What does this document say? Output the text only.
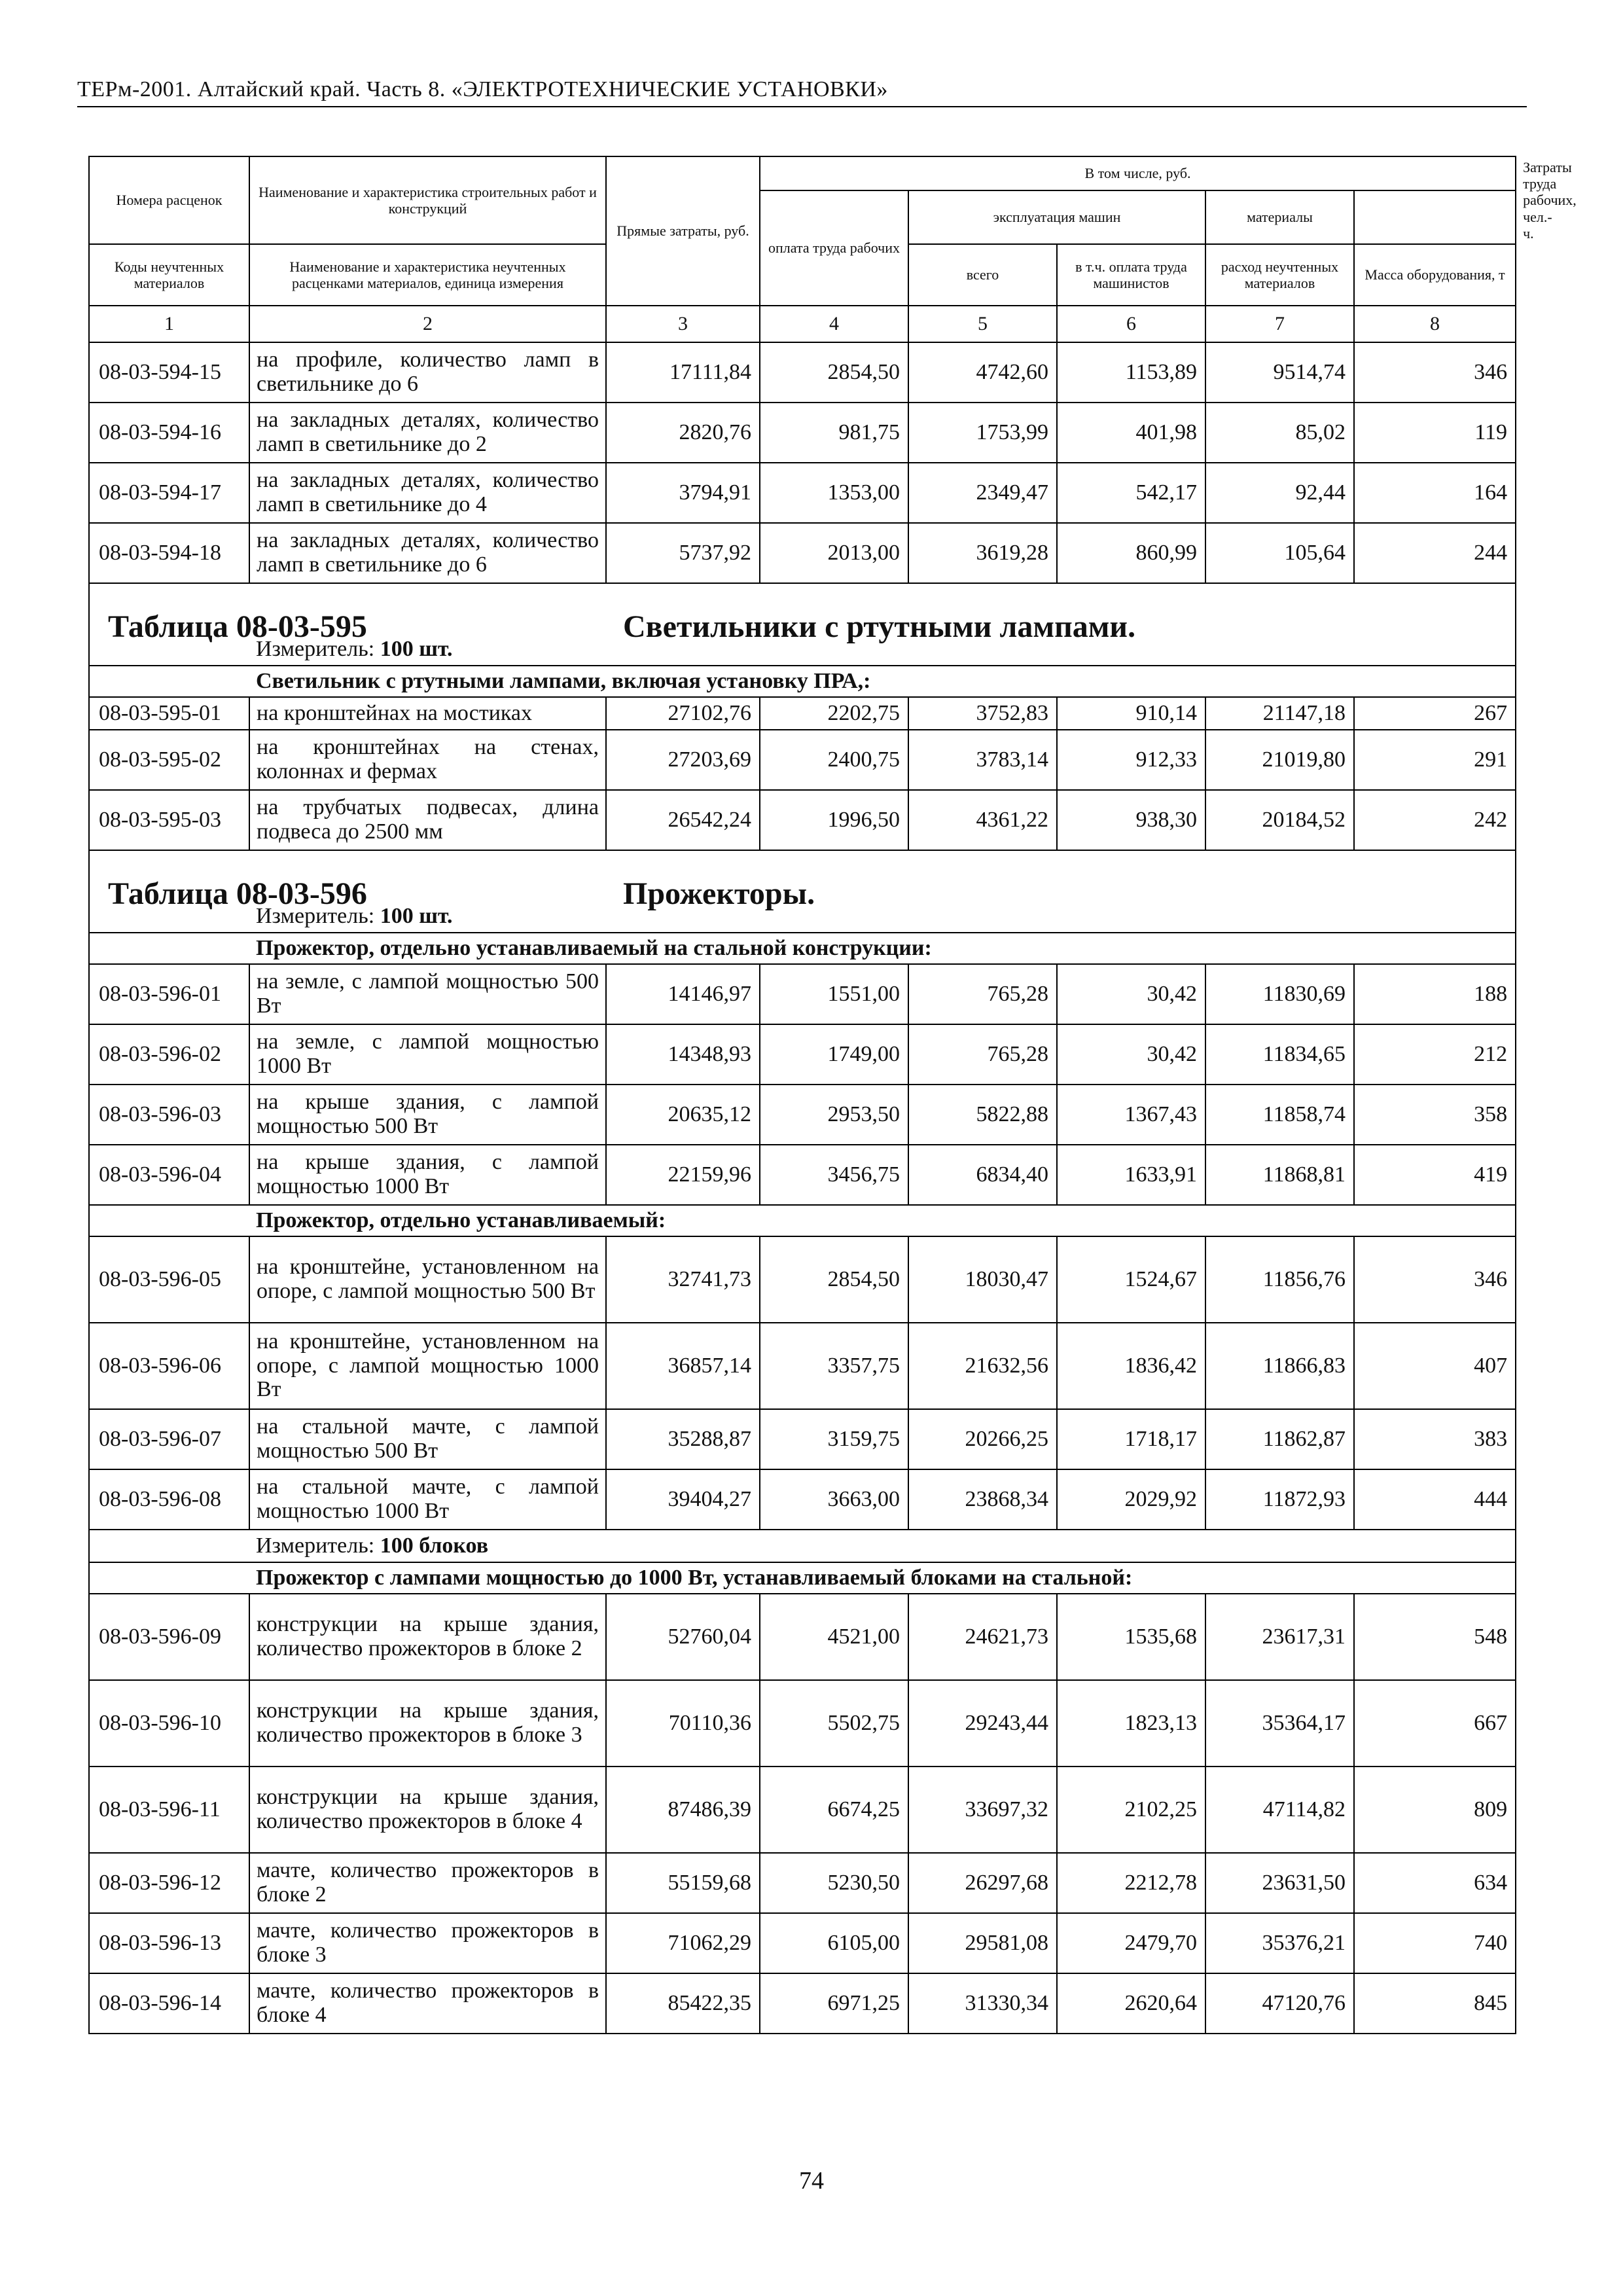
ТЕРм-2001. Алтайский край. Часть 8. «ЭЛЕКТРОТЕХНИЧЕСКИЕ УСТАНОВКИ»
Номера расценок	Наименование и характеристика строительных работ и конструкций	Прямые затраты, руб.	В том числе, руб.					Затраты труда рабочих, чел.-ч.
			оплата труда рабочих	эксплуатация машин		материалы		
Коды неучтенных материалов	Наименование и характеристика неучтенных расценками материалов, единица измерения			всего	в т.ч. оплата труда машинистов	расход неучтенных материалов		
							Масса оборудования, т	
1	2	3	4	5	6	7	8	
08-03-594-15	на профиле, количество ламп в светильнике до 6	17111,84	2854,50	4742,60	1153,89	9514,74	346	
08-03-594-16	на закладных деталях, количество ламп в светильнике до 2	2820,76	981,75	1753,99	401,98	85,02	119	
08-03-594-17	на закладных деталях, количество ламп в светильнике до 4	3794,91	1353,00	2349,47	542,17	92,44	164	
08-03-594-18	на закладных деталях, количество ламп в светильнике до 6	5737,92	2013,00	3619,28	860,99	105,64	244	

Таблица 08-03-595 Светильники с ртутными лампами.								

	Измеритель: 100 шт.							
	Светильник с ртутными лампами, включая установку ПРА,:							
08-03-595-01	на кронштейнах на мостиках	27102,76	2202,75	3752,83	910,14	21147,18	267	
08-03-595-02	на кронштейнах на стенах, колоннах и фермах	27203,69	2400,75	3783,14	912,33	21019,80	291	
08-03-595-03	на трубчатых подвесах, длина подвеса до 2500 мм	26542,24	1996,50	4361,22	938,30	20184,52	242	

Таблица 08-03-596 Прожекторы.								

	Измеритель: 100 шт.							
	Прожектор, отдельно устанавливаемый на стальной конструкции:							
08-03-596-01	на земле, с лампой мощностью 500 Вт	14146,97	1551,00	765,28	30,42	11830,69	188	
08-03-596-02	на земле, с лампой мощностью 1000 Вт	14348,93	1749,00	765,28	30,42	11834,65	212	
08-03-596-03	на крыше здания, с лампой мощностью 500 Вт	20635,12	2953,50	5822,88	1367,43	11858,74	358	
08-03-596-04	на крыше здания, с лампой мощностью 1000 Вт	22159,96	3456,75	6834,40	1633,91	11868,81	419	
	Прожектор, отдельно устанавливаемый:							
08-03-596-05	на кронштейне, установленном на опоре, с лампой мощностью 500 Вт	32741,73	2854,50	18030,47	1524,67	11856,76	346	
08-03-596-06	на кронштейне, установленном на опоре, с лампой мощностью 1000 Вт	36857,14	3357,75	21632,56	1836,42	11866,83	407	
08-03-596-07	на стальной мачте, с лампой мощностью 500 Вт	35288,87	3159,75	20266,25	1718,17	11862,87	383	
08-03-596-08	на стальной мачте, с лампой мощностью 1000 Вт	39404,27	3663,00	23868,34	2029,92	11872,93	444	
	Измеритель: 100 блоков							
	Прожектор с лампами мощностью до 1000 Вт, устанавливаемый блоками на стальной:							
08-03-596-09	конструкции на крыше здания, количество прожекторов в блоке 2	52760,04	4521,00	24621,73	1535,68	23617,31	548	
08-03-596-10	конструкции на крыше здания, количество прожекторов в блоке 3	70110,36	5502,75	29243,44	1823,13	35364,17	667	
08-03-596-11	конструкции на крыше здания, количество прожекторов в блоке 4	87486,39	6674,25	33697,32	2102,25	47114,82	809	
08-03-596-12	мачте, количество прожекторов в блоке 2	55159,68	5230,50	26297,68	2212,78	23631,50	634	
08-03-596-13	мачте, количество прожекторов в блоке 3	71062,29	6105,00	29581,08	2479,70	35376,21	740	
08-03-596-14	мачте, количество прожекторов в блоке 4	85422,35	6971,25	31330,34	2620,64	47120,76	845	
74
